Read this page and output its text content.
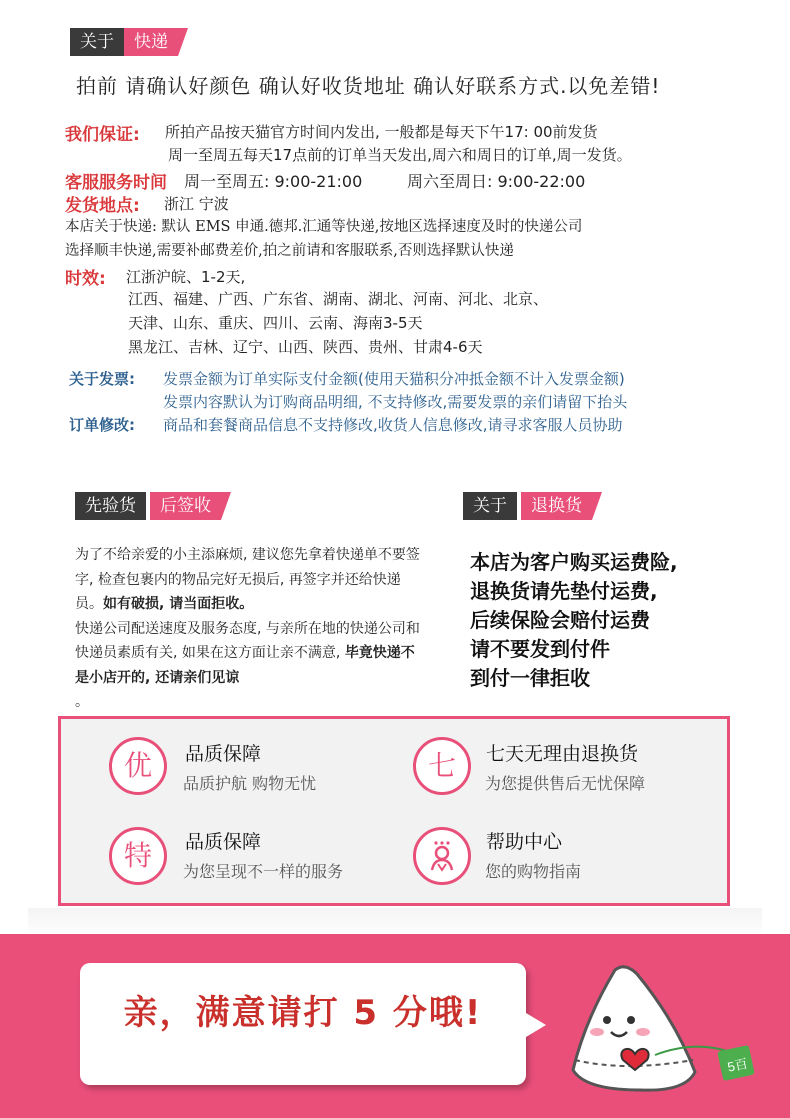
关于	快递
拍前 请确认好颜色 确认好收货地址 确认好联系方式.以免差错!
我们保证: 所拍产品按天猫官方时间内发出, 一般都是每天下午17: 00前发货
周一至周五每天17点前的订单当天发出,周六和周日的订单,周一发货。
客服服务时间 周一至周五: 9:00-21:00	周六至周日: 9:00-22:00
发货地点: 浙江 宁波
本店关于快递: 默认 EMS 申通.德邦.汇通等快递,按地区选择速度及时的快递公司
选择顺丰快递,需要补邮费差价,拍之前请和客服联系,否则选择默认快递
时效: 江浙沪皖、1-2天,
江西、福建、广西、广东省、湖南、湖北、河南、河北、北京、
天津、山东、重庆、四川、云南、海南3-5天
黑龙江、吉林、辽宁、山西、陕西、贵州、甘肃4-6天
关于发票: 发票金额为订单实际支付金额(使用天猫积分冲抵金额不计入发票金额)
发票内容默认为订购商品明细, 不支持修改,需要发票的亲们请留下抬头
订单修改: 商品和套餐商品信息不支持修改,收货人信息修改,请寻求客服人员协助
先验货	后签收
为了不给亲爱的小主添麻烦, 建议您先拿着快递单不要签字, 检查包裹内的物品完好无损后, 再签字并还给快递员。如有破损, 请当面拒收。
快递公司配送速度及服务态度, 与亲所在地的快递公司和快递员素质有关, 如果在这方面让亲不满意, 毕竟快递不是小店开的, 还请亲们见谅
。
关于	退换货
本店为客户购买运费险,
退换货请先垫付运费,
后续保险会赔付运费
请不要发到付件
到付一律拒收
优	品质保障
品质护航 购物无忧
七	七天无理由退换货
为您提供售后无忧保障
特	品质保障
为您呈现不一样的服务
帮助中心
您的购物指南
亲，满意请打 5 分哦!
5百
